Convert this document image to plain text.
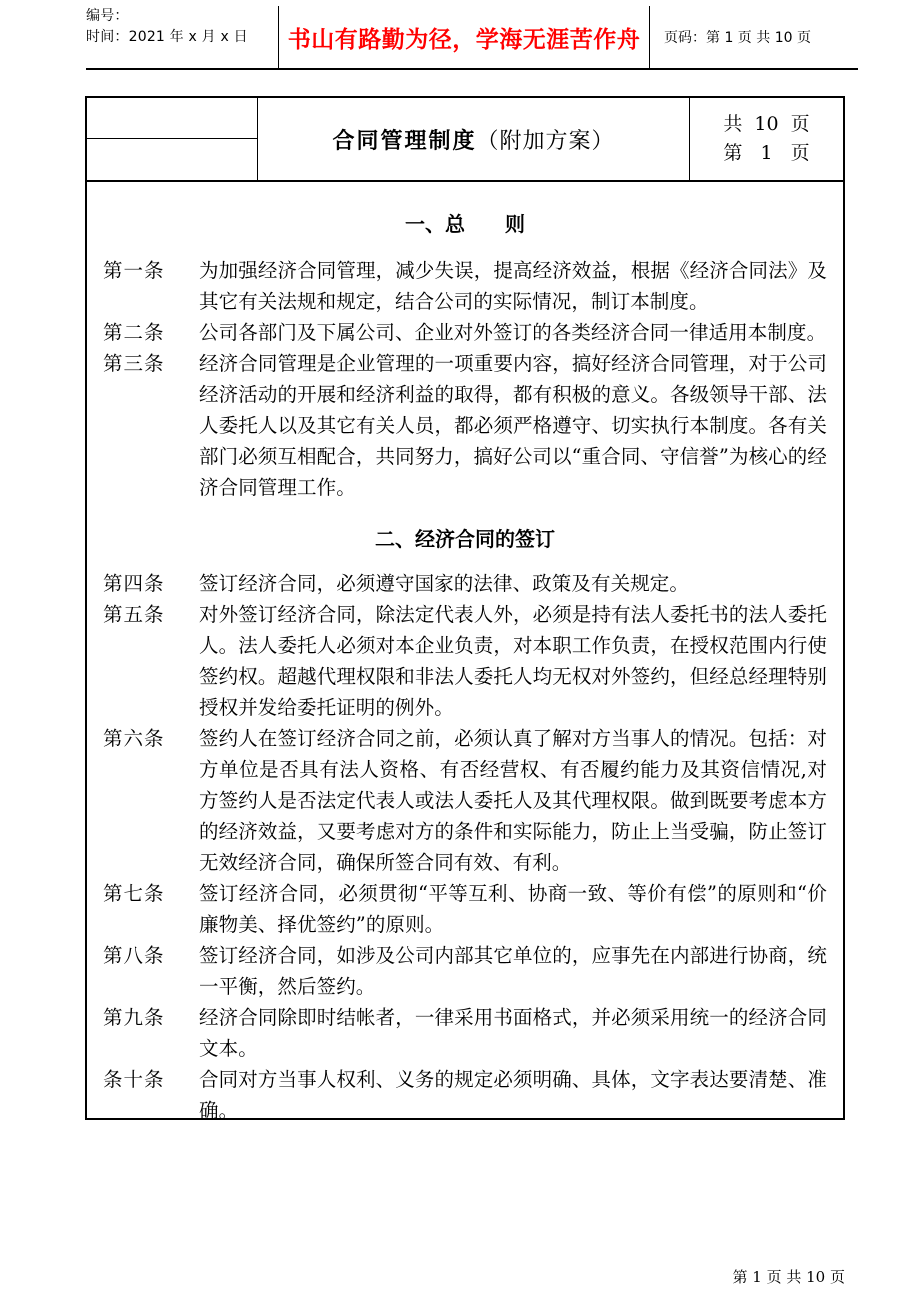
编号：
时间：2021 年 x 月 x 日 书山有路勤为径，学海无涯苦作舟 页码：第 1 页 共 10 页
合同管理制度（附加方案）
共  10  页
第   1   页
一、总　　则
第一条	为加强经济合同管理，减少失误，提高经济效益，根据《经济合同法》及其它有关法规和规定，结合公司的实际情况，制订本制度。
第二条	公司各部门及下属公司、企业对外签订的各类经济合同一律适用本制度。
第三条	经济合同管理是企业管理的一项重要内容，搞好经济合同管理，对于公司经济活动的开展和经济利益的取得，都有积极的意义。各级领导干部、法人委托人以及其它有关人员，都必须严格遵守、切实执行本制度。各有关部门必须互相配合，共同努力，搞好公司以“重合同、守信誉”为核心的经济合同管理工作。
二、经济合同的签订
第四条	签订经济合同，必须遵守国家的法律、政策及有关规定。
第五条	对外签订经济合同，除法定代表人外，必须是持有法人委托书的法人委托人。法人委托人必须对本企业负责，对本职工作负责，在授权范围内行使签约权。超越代理权限和非法人委托人均无权对外签约，但经总经理特别授权并发给委托证明的例外。
第六条	签约人在签订经济合同之前，必须认真了解对方当事人的情况。包括：对方单位是否具有法人资格、有否经营权、有否履约能力及其资信情况,对方签约人是否法定代表人或法人委托人及其代理权限。做到既要考虑本方的经济效益，又要考虑对方的条件和实际能力，防止上当受骗，防止签订无效经济合同，确保所签合同有效、有利。
第七条	签订经济合同，必须贯彻“平等互利、协商一致、等价有偿”的原则和“价廉物美、择优签约”的原则。
第八条	签订经济合同，如涉及公司内部其它单位的，应事先在内部进行协商，统一平衡，然后签约。
第九条	经济合同除即时结帐者，一律采用书面格式，并必须采用统一的经济合同文本。
条十条	合同对方当事人权利、义务的规定必须明确、具体，文字表达要清楚、准确。

第 1 页 共 10 页
